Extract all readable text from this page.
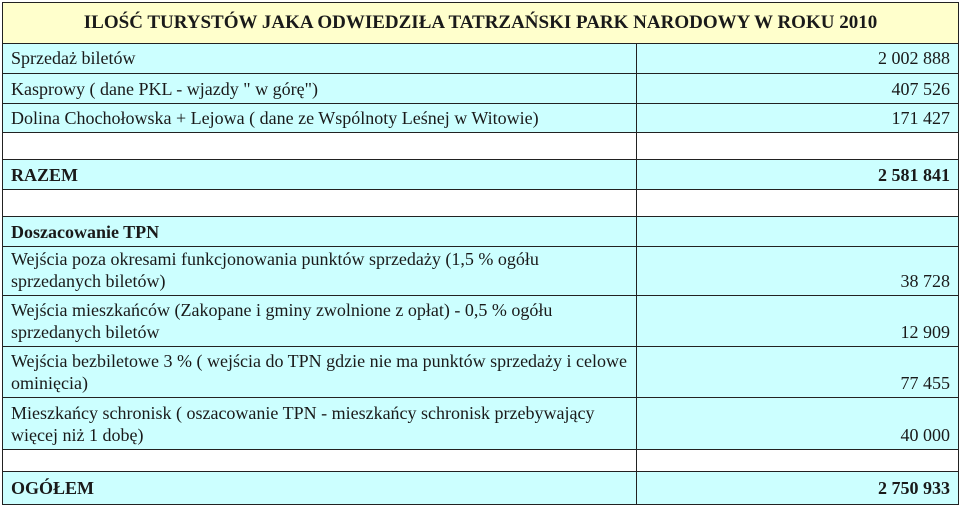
ILOŚĆ TURYSTÓW JAKA ODWIEDZIŁA TATRZAŃSKI PARK NARODOWY W ROKU 2010	
Sprzedaż biletów	2 002 888
Kasprowy ( dane PKL - wjazdy " w górę")	407 526
Dolina Chochołowska + Lejowa ( dane ze Wspólnoty Leśnej w Witowie)	171 427

RAZEM	2 581 841

Doszacowanie TPN	
Wejścia poza okresami funkcjonowania punktów sprzedaży (1,5 % ogółu sprzedanych biletów)	38 728
Wejścia mieszkańców (Zakopane i gminy zwolnione z opłat) - 0,5 % ogółu sprzedanych biletów	12 909
Wejścia bezbiletowe 3 % ( wejścia do TPN gdzie nie ma punktów sprzedaży i celowe ominięcia)	77 455
Mieszkańcy schronisk ( oszacowanie TPN - mieszkańcy schronisk przebywający więcej niż 1 dobę)	40 000

OGÓŁEM	2 750 933
